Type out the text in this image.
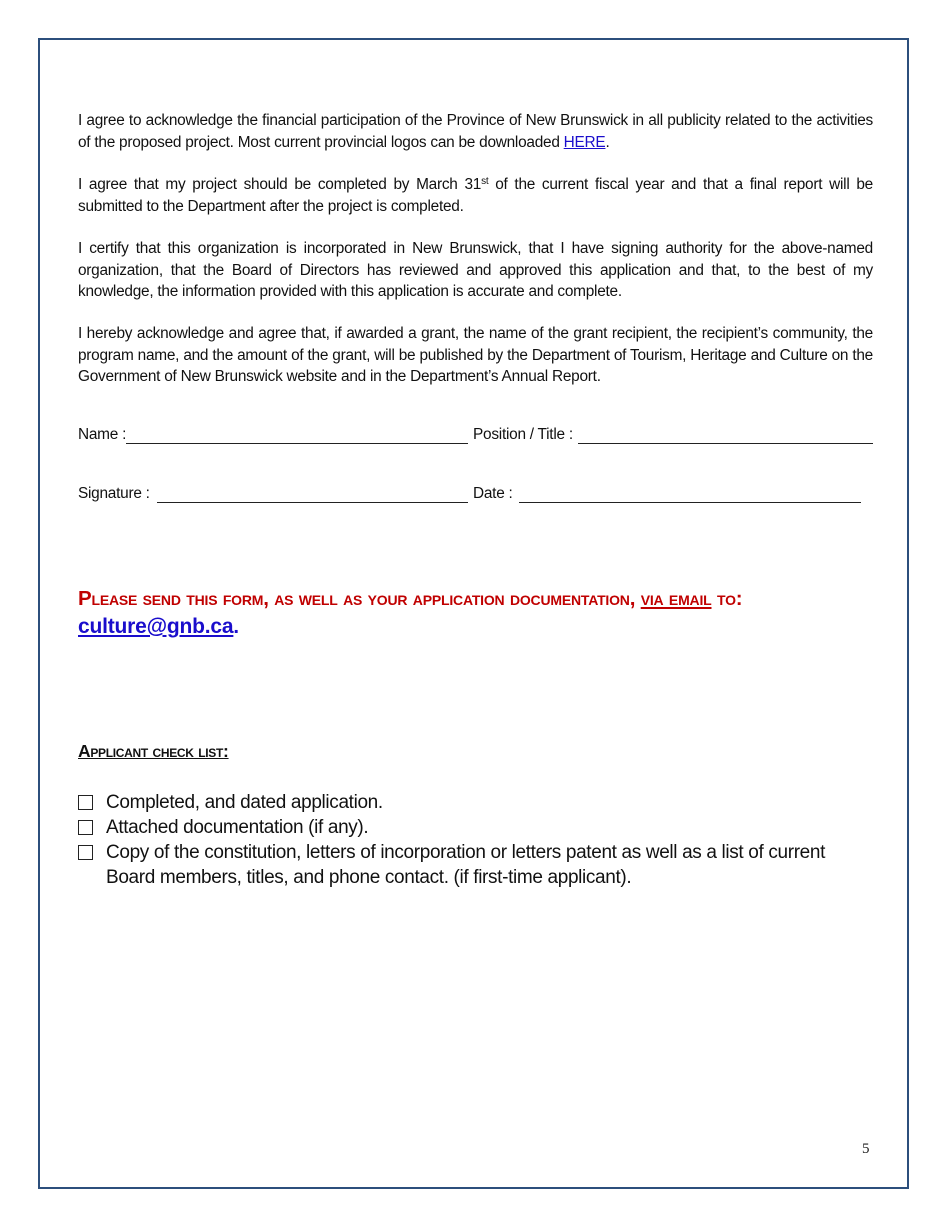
I agree to acknowledge the financial participation of the Province of New Brunswick in all publicity related to the activities of the proposed project. Most current provincial logos can be downloaded HERE.

I agree that my project should be completed by March 31st of the current fiscal year and that a final report will be submitted to the Department after the project is completed.

I certify that this organization is incorporated in New Brunswick, that I have signing authority for the above-named organization, that the Board of Directors has reviewed and approved this application and that, to the best of my knowledge, the information provided with this application is accurate and complete.

I hereby acknowledge and agree that, if awarded a grant, the name of the grant recipient, the recipient’s community, the program name, and the amount of the grant, will be published by the Department of Tourism, Heritage and Culture on the Government of New Brunswick website and in the Department’s Annual Report.

Name :	Position / Title :
Signature :	Date :
Please send this form, as well as your application documentation, via email to:
culture@gnb.ca.
Applicant check list:
Completed, and dated application.
Attached documentation (if any).
Copy of the constitution, letters of incorporation or letters patent as well as a list of current Board members, titles, and phone contact. (if first-time applicant).
5
